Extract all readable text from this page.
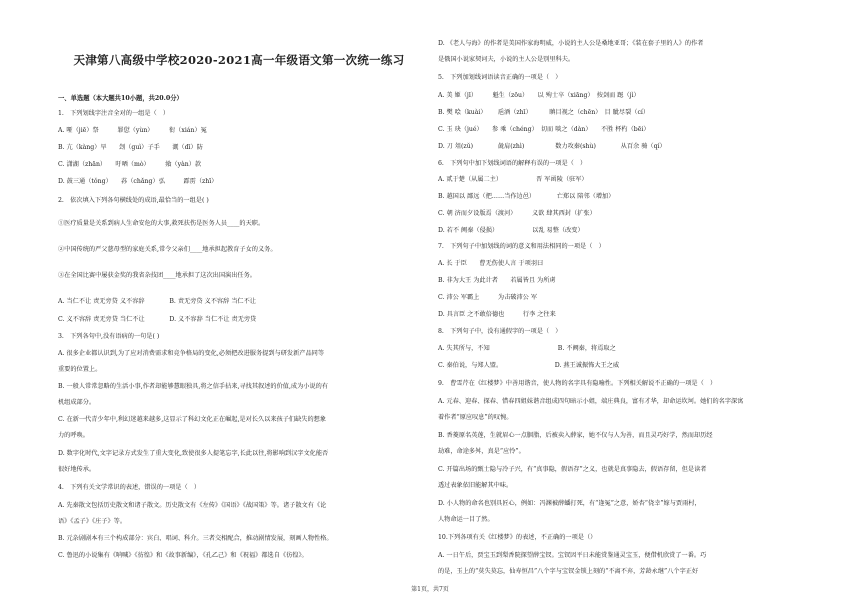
天津第八高级中学校2020-2021高一年级语文第一次统一练习
一、单选题（本大题共10小题，共20.0分）
1.　下列划线字注音全对的一组是（　）
A. 哑（jiē）祭　　　罪愆（yùn）　　　衔（xián）冤
B. 亢（kàng）旱　　刽（guì）子手　　溉（dī）防
C. 潇湖（zhān）　　吁哂（mò）　　　飨（yàn）款
D. 鼓三通（tǒng）　　荪（chǎng）弘　　　霹雳（zhī）
2.　依次填入下列各句横线处的成语,最恰当的一组是( )
①医疗质量是关系到病人生命安危的大事,救死扶伤是医务人员____的天职。
②中国传统的严父慈母型的家庭关系,常令父亲们____地承担起教育子女的义务。
③在全国比赛中屡获金奖的我省杂技团____地承担了这次出国演出任务。
A. 当仁不让 责无旁贷 义不容辞　　　　B. 责无旁贷 义不容辞 当仁不让
C. 义不容辞 责无旁贷 当仁不让　　　　D. 义不容辞 当仁不让 责无旁贷
3.　下列各句中,没有语病的一句是( )
A. 很多企业都认识到,为了应对消费需求和竞争格局的变化,必须把改进服务提到与研发新产品同等
重要的位置上。
B. 一般人常常忽略的生活小事,作者却能够慧眼独具,将之信手拈来,寻找其叙述的价值,成为小说的有
机组成部分。
C. 在新一代青少年中,利幻迷越来越多,这显示了科幻文化正在崛起,是对长久以来孩子们缺失的想象
力的呼唤。
D. 数字化时代,文字记录方式发生了重大变化,致使很多人提笔忘字,长此以往,将影响到汉字文化能否
很好地传承。
4.　下列有关文学常识的表述，错误的一项是（　）
A. 先秦散文包括历史散文和诸子散文。历史散文有《左传》《国语》《战国策》等。诸子散文有《论
语》《孟子》《庄子》等。
B. 元杂剧剧本有三个构成部分：宾白、唱词、科介。三者交相配合，推动剧情发展，刻画人物性格。
C. 鲁迅的小说集有《呐喊》《彷徨》和《故事新编》，《孔乙己》和《祝福》都选自《彷徨》。
D. 《老人与海》的作者是美国作家海明威，小说的主人公是桑地亚哥；《装在套子里的人》的作者
是俄国小说家契诃夫，小说的主人公是别里科夫。
5.　下列加划线词语读音正确的一项是（　）
A. 美 姬（jī）　　　魁生（zōu）　　以 殉士卒（xiāng）　按剑而 跽（jì）
B. 樊 哙（kuài）　　 巵酒（zhī）　　　 瞋目视之（chēn）　目 眦尽裂（cí）
C. 玉 玦（jué）　　参 乘（chéng）　切而 啖之（dàn）　　不胜 杯杓（bēi）
D. 刀 俎(zǔ)　　　　彘肩(zhì)　　　　　数力攻秦(shù)　　　　从百余 骑（qí）
6.　下列句中加下划线词语的解释有误的一项是（　）
A. 贰于楚（从属二主）　　　　　　晋 军函陵（驻军）
B. 越国以 鄙远（把……当作边邑）　　　　亡郑以 陪邻（增加）
C. 朝 济而夕设版焉（渡河）　　　义欲 肆其西封（扩张）
D. 若不 阙秦（侵损）　　　　　　以乱 易整（改变）
7.　下列句子中加划线的词的意义和用法相同的一项是（　）
A. 长 于臣　　曹无伤使人言 于项羽曰
B. 非为大王 为此计者　　若属皆且 为所虏
C. 沛公 军霸上　　　为击破沛公 军
D. 具言臣 之不敢倍德也　　　行李 之往来
8.　下列句子中，没有通假字的一项是（　）
A. 失其所与，不知　　　　　　　　　　　B. 不阙秦，将焉取之
C. 秦伯说，与郑人盟。　　　　　　　　　D. 燕王诚振怖大王之威
9.　曹雪芹在《红楼梦》中善用谐音，使人物的名字具有隐喻性。下列相关解说不正确的一项是（　）
A. 元春、迎春、探春、惜春四姐妹谐音组成四句暗示小姐，端庄典良，富有才华，却命运坎坷。她们的名字深寓
着作者“原应叹息”的叹惋。
B. 香菱原名英莲，生就眉心一点胭脂，后被卖入薛家，她不仅与人为善，而且灵巧好学，然而却历经
劫难，命途多舛，真是“应怜”。
C. 开篇出场的甄士隐与冷子兴，有“真事隐，假语存”之义，也就是真事隐去，假语存留，但是读者
透过表象依旧能解其中味。
D. 小人物的命名也别具匠心，例如：冯渊被薛蟠打死，有“逢冤”之意，娇杏“侥幸”嫁与贾雨村，
人物命运一目了然。
10.下列各项有关《红楼梦》的表述，不正确的一项是（）
A. 一日午后，贾宝玉到梨香院探望薛宝钗。宝钗因平日未能赏鉴通灵宝玉，便借机欣赏了一番。巧
的是，玉上的“莫失莫忘，仙寿恒昌”八个字与宝钗金锁上刻的“不离不弃，芳龄永继”八个字正好
第1页，共7页
